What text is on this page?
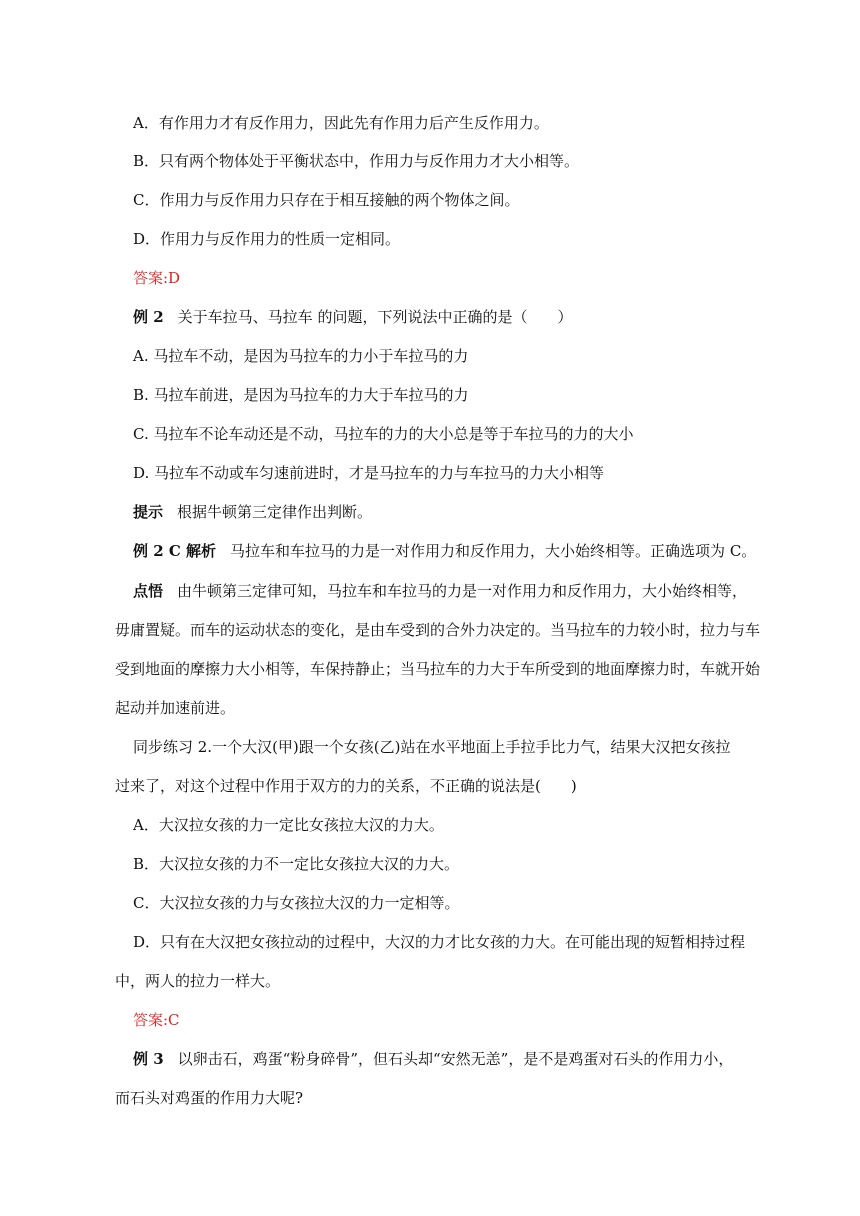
A．有作用力才有反作用力，因此先有作用力后产生反作用力。
B．只有两个物体处于平衡状态中，作用力与反作用力才大小相等。
C．作用力与反作用力只存在于相互接触的两个物体之间。
D．作用力与反作用力的性质一定相同。
答案:D
例 2 关于车拉马、马拉车 的问题，下列说法中正确的是（　　）
A. 马拉车不动，是因为马拉车的力小于车拉马的力
B. 马拉车前进，是因为马拉车的力大于车拉马的力
C. 马拉车不论车动还是不动，马拉车的力的大小总是等于车拉马的力的大小
D. 马拉车不动或车匀速前进时，才是马拉车的力与车拉马的力大小相等
提示 根据牛顿第三定律作出判断。
例 2 C 解析 马拉车和车拉马的力是一对作用力和反作用力，大小始终相等。正确选项为 C。
点悟 由牛顿第三定律可知，马拉车和车拉马的力是一对作用力和反作用力，大小始终相等，
毋庸置疑。而车的运动状态的变化，是由车受到的合外力决定的。当马拉车的力较小时，拉力与车
受到地面的摩擦力大小相等，车保持静止；当马拉车的力大于车所受到的地面摩擦力时，车就开始
起动并加速前进。
同步练习 2.一个大汉(甲)跟一个女孩(乙)站在水平地面上手拉手比力气，结果大汉把女孩拉
过来了，对这个过程中作用于双方的力的关系，不正确的说法是(　　)
A．大汉拉女孩的力一定比女孩拉大汉的力大。
B．大汉拉女孩的力不一定比女孩拉大汉的力大。
C．大汉拉女孩的力与女孩拉大汉的力一定相等。
D．只有在大汉把女孩拉动的过程中，大汉的力才比女孩的力大。在可能出现的短暂相持过程
中，两人的拉力一样大。
答案:C
例 3 以卵击石，鸡蛋“粉身碎骨”，但石头却“安然无恙”，是不是鸡蛋对石头的作用力小，
而石头对鸡蛋的作用力大呢?
